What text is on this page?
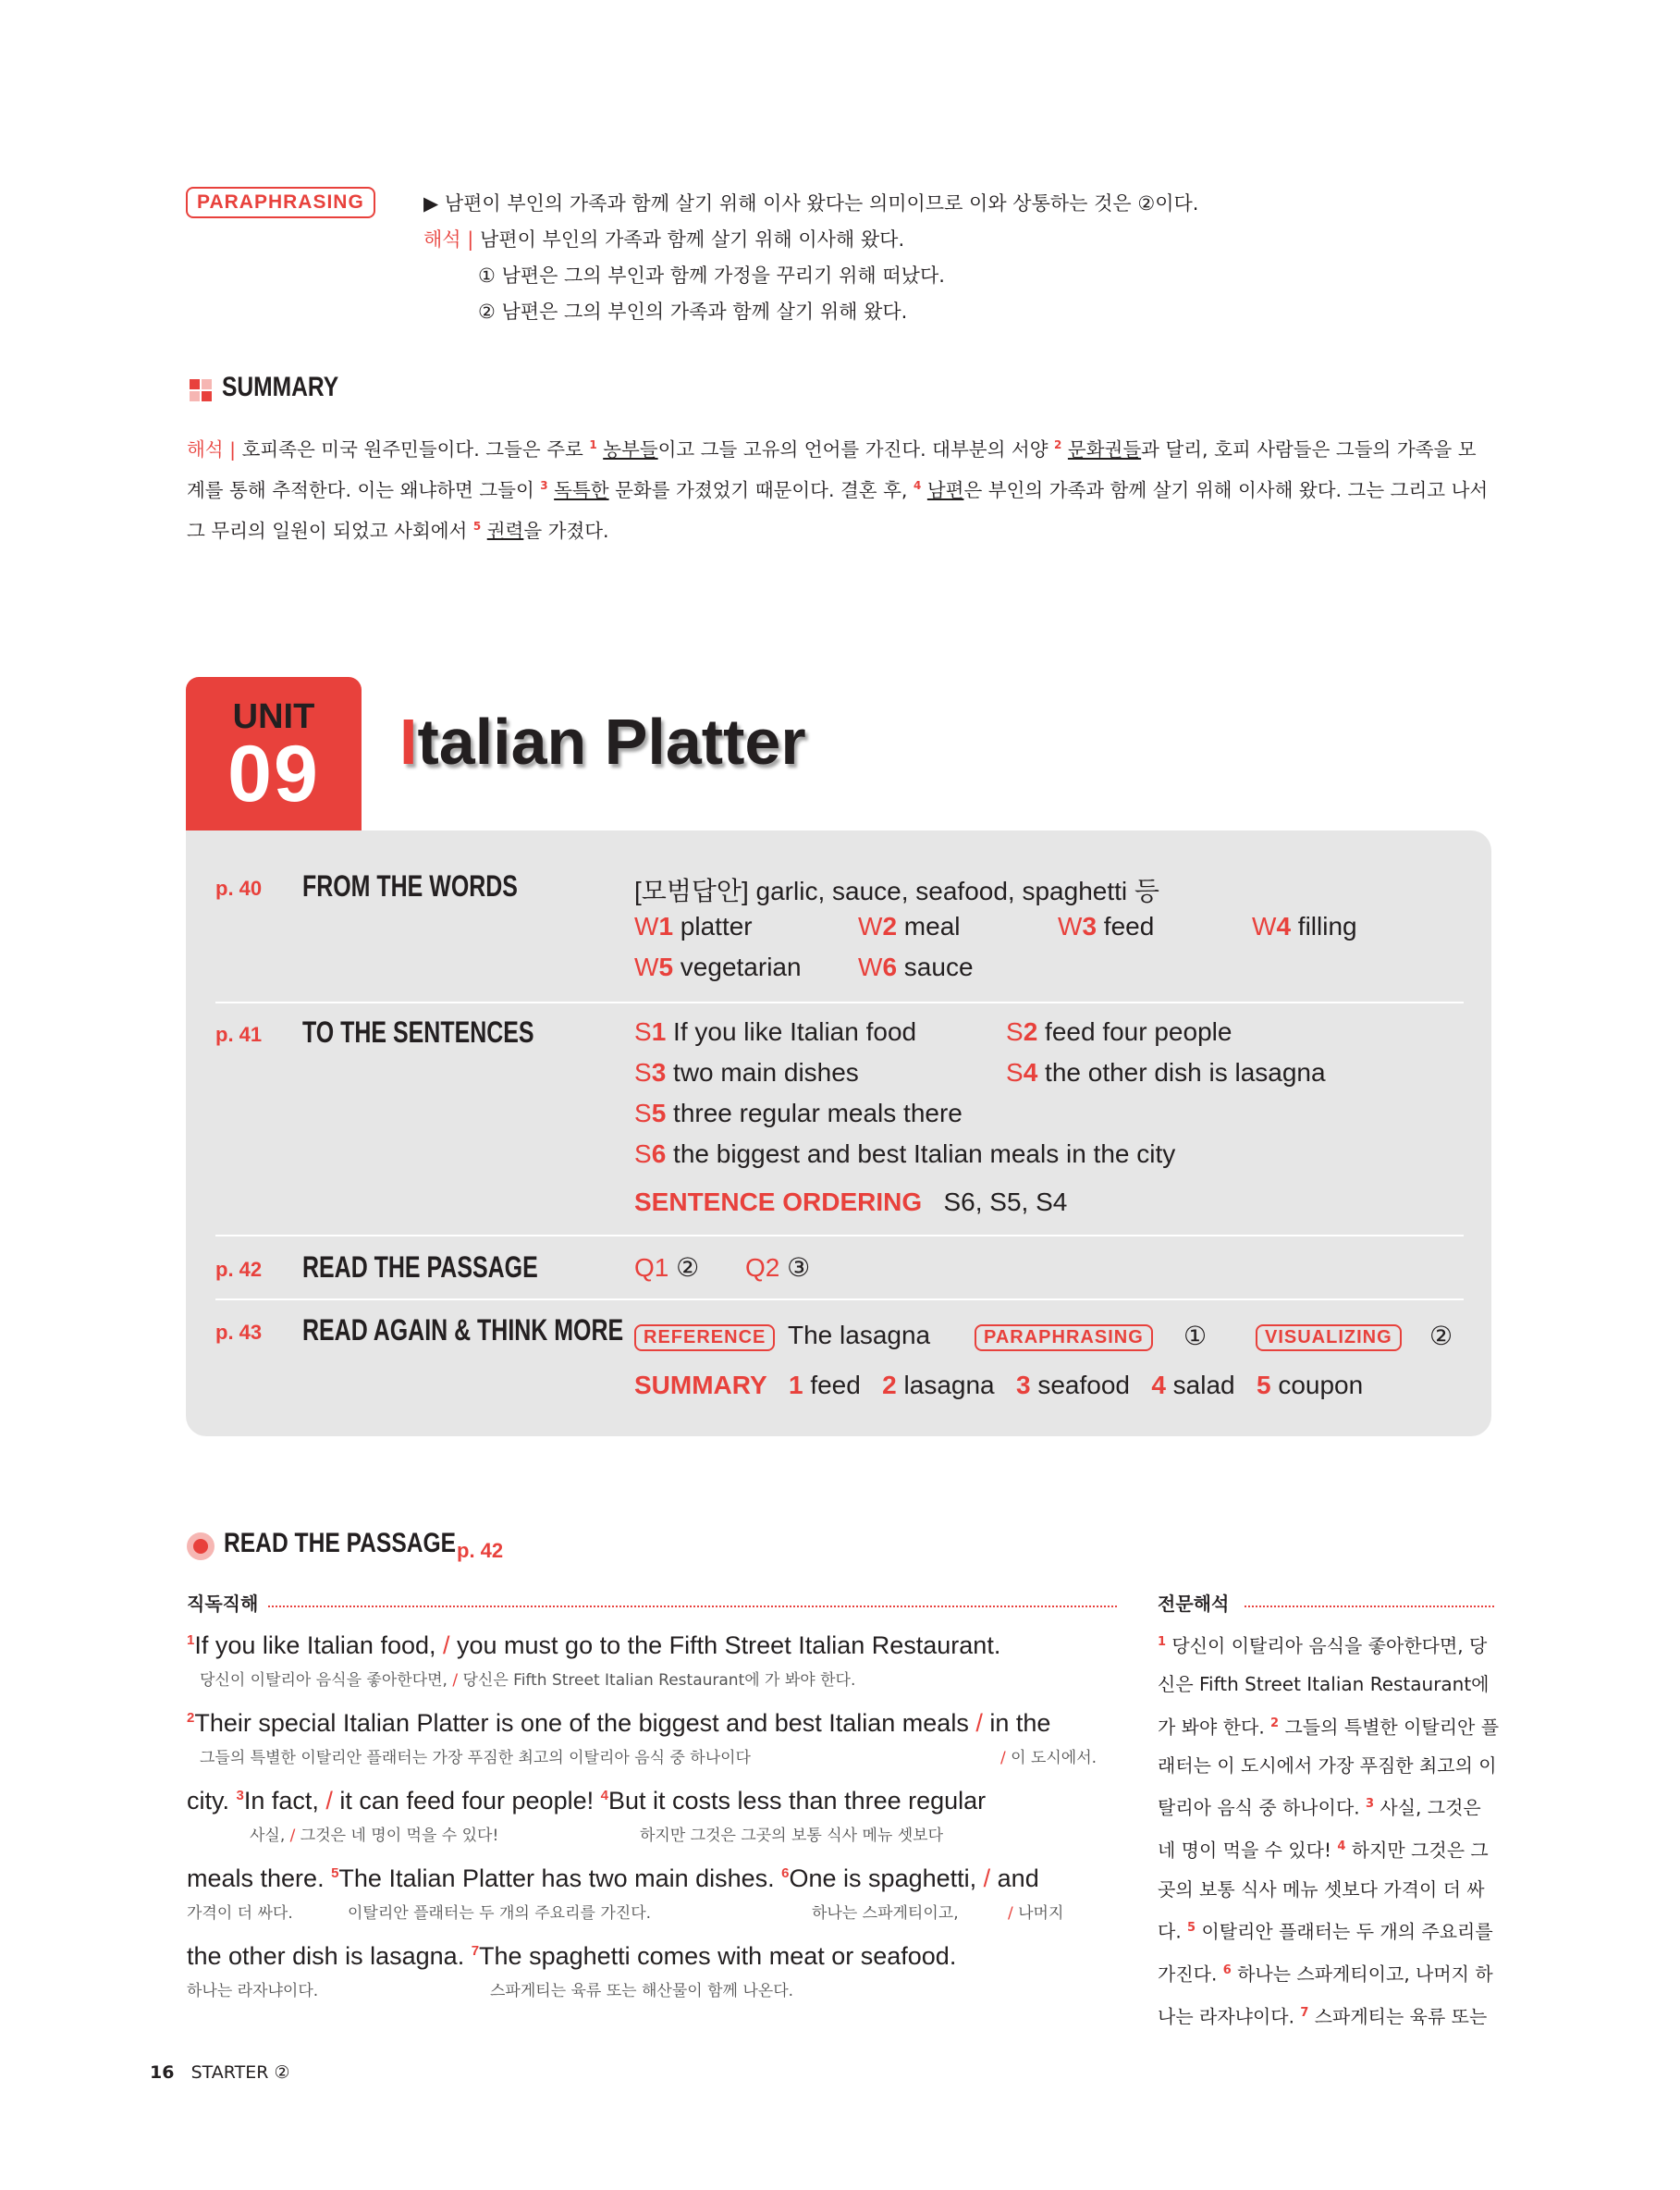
PARAPHRASING	▶ 남편이 부인의 가족과 함께 살기 위해 이사 왔다는 의미이므로 이와 상통하는 것은 ②이다.
해석 | 남편이 부인의 가족과 함께 살기 위해 이사해 왔다.
① 남편은 그의 부인과 함께 가정을 꾸리기 위해 떠났다.
② 남편은 그의 부인의 가족과 함께 살기 위해 왔다.
SUMMARY
해석 | 호피족은 미국 원주민들이다. 그들은 주로 $^1$ 농부들이고 그들 고유의 언어를 가진다. 대부분의 서양 $^2$ 문화권들과 달리, 호피 사람들은 그들의 가족을 모계를 통해 추적한다. 이는 왜냐하면 그들이 $^3$ 독특한 문화를 가졌었기 때문이다. 결혼 후, $^4$ 남편은 부인의 가족과 함께 살기 위해 이사해 왔다. 그는 그리고 나서 그 무리의 일원이 되었고 사회에서 $^5$ 권력을 가졌다.
UNIT
09	Italian Platter
p. 40 FROM THE WORDS	[모범답안] garlic, sauce, seafood, spaghetti 등
W1 platter	W2 meal	W3 feed	W4 filling
W5 vegetarian W6 sauce
p. 41 TO THE SENTENCES	S1 If you like Italian food	S2 feed four people
S3 two main dishes	S4 the other dish is lasagna
S5 three regular meals there
S6 the biggest and best Italian meals in the city
SENTENCE ORDERING S6, S5, S4
p. 42 READ THE PASSAGE	Q1 ② Q2 ③
p. 43 READ AGAIN & THINK MORE	REFERENCE The lasagna	PARAPHRASING	①	VISUALIZING	②
SUMMARY 1 feed 2 lasagna 3 seafood 4 salad 5 coupon
READ THE PASSAGE p. 42
직독직해	전문해석
$^1$If you like Italian food, / you must go to the Fifth Street Italian Restaurant.
당신이 이탈리아 음식을 좋아한다면, / 당신은 Fifth Street Italian Restaurant에 가 봐야 한다.
$^2$Their special Italian Platter is one of the biggest and best Italian meals / in the
그들의 특별한 이탈리안 플래터는 가장 푸짐한 최고의 이탈리아 음식 중 하나이다	/ 이 도시에서.
city. $^3$In fact, / it can feed four people! $^4$But it costs less than three regular
사실, / 그것은 네 명이 먹을 수 있다!	하지만 그것은 그곳의 보통 식사 메뉴 셋보다
meals there. $^5$The Italian Platter has two main dishes. $^6$One is spaghetti, / and
가격이 더 싸다.	이탈리안 플래터는 두 개의 주요리를 가진다.	하나는 스파게티이고,	/ 나머지
the other dish is lasagna. $^7$The spaghetti comes with meat or seafood.
하나는 라자냐이다.	스파게티는 육류 또는 해산물이 함께 나온다.
$^1$ 당신이 이탈리아 음식을 좋아한다면, 당신은 Fifth Street Italian Restaurant에 가 봐야 한다. $^2$ 그들의 특별한 이탈리안 플래터는 이 도시에서 가장 푸짐한 최고의 이탈리아 음식 중 하나이다. $^3$ 사실, 그것은 네 명이 먹을 수 있다! $^4$ 하지만 그것은 그곳의 보통 식사 메뉴 셋보다 가격이 더 싸다. $^5$ 이탈리안 플래터는 두 개의 주요리를 가진다. $^6$ 하나는 스파게티이고, 나머지 하나는 라자냐이다. $^7$ 스파게티는 육류 또는
16 STARTER ②
